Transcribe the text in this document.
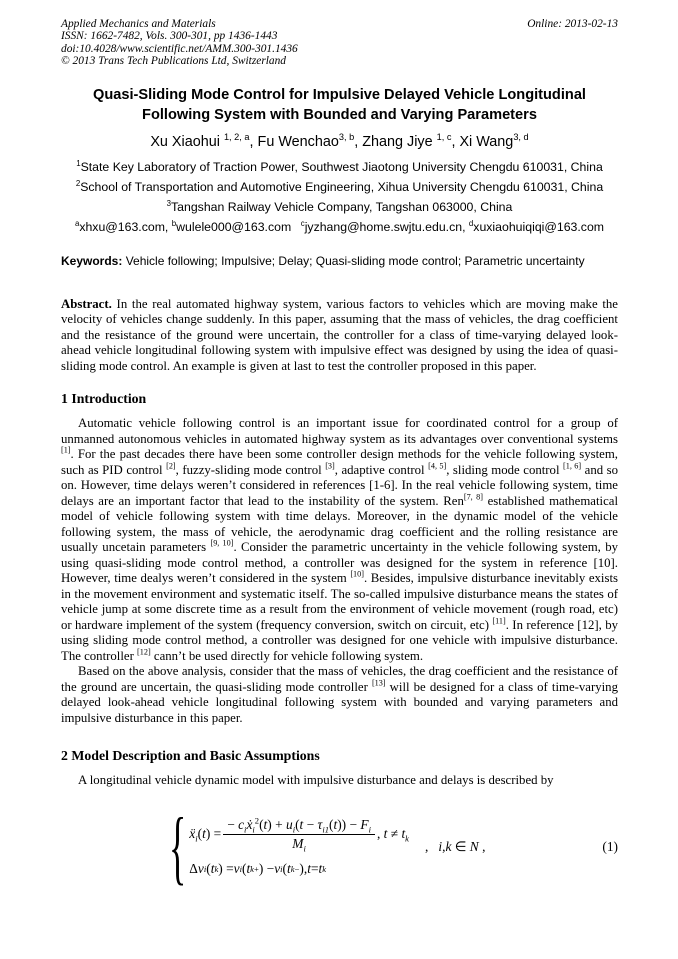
Applied Mechanics and Materials
ISSN: 1662-7482, Vols. 300-301, pp 1436-1443
doi:10.4028/www.scientific.net/AMM.300-301.1436
© 2013 Trans Tech Publications Ltd, Switzerland
Online: 2013-02-13
Quasi-Sliding Mode Control for Impulsive Delayed Vehicle Longitudinal Following System with Bounded and Varying Parameters
Xu Xiaohui $^{1, 2, a}$, Fu Wenchao$^{3, b}$, Zhang Jiye $^{1, c}$, Xi Wang$^{3, d}$
$^1$State Key Laboratory of Traction Power, Southwest Jiaotong University Chengdu 610031, China
$^2$School of Transportation and Automotive Engineering, Xihua University Chengdu 610031, China
$^3$Tangshan Railway Vehicle Company, Tangshan 063000, China
$^a$xhxu@163.com, $^b$wulele000@163.com  $^c$jyzhang@home.swjtu.edu.cn, $^d$xuxiaohuiqiqi@163.com
Keywords: Vehicle following; Impulsive; Delay; Quasi-sliding mode control; Parametric uncertainty

Abstract. In the real automated highway system, various factors to vehicles which are moving make the velocity of vehicles change suddenly. In this paper, assuming that the mass of vehicles, the drag coefficient and the resistance of the ground were uncertain, the controller for a class of time-varying delayed look-ahead vehicle longitudinal following system with impulsive effect was designed by using the idea of quasi-sliding mode control. An example is given at last to test the controller proposed in this paper.

1 Introduction

Automatic vehicle following control is an important issue for coordinated control for a group of unmanned autonomous vehicles in automated highway system as its advantages over conventional systems [1]. For the past decades there have been some controller design methods for the vehicle following system, such as PID control [2], fuzzy-sliding mode control [3], adaptive control [4, 5], sliding mode control [1, 6] and so on. However, time delays weren’t considered in references [1-6]. In the real vehicle following system, time delays are an important factor that lead to the instability of the system. Ren[7, 8] established mathematical model of vehicle following system with time delays. Moreover, in the dynamic model of the vehicle following system, the mass of vehicle, the aerodynamic drag coefficient and the rolling resistance are usually uncetain parameters [9, 10]. Consider the parametric uncertainty in the vehicle following system, by using quasi-sliding mode control method, a controller was designed for the system in reference [10]. However, time dealys weren’t considered in the system [10]. Besides, impulsive disturbance inevitably exists in the movement environment and systematic itself. The so-called impulsive disturbance means the states of vehicle jump at some discrete time as a result from the environment of vehicle movement (rough road, etc) or hardware implement of the system (frequency conversion, switch on circuit, etc) [11]. In reference [12], by using sliding mode control method, a controller was designed for one vehicle with impulsive disturbance. The controller [12] cann’t be used directly for vehicle following system.

Based on the above analysis, consider that the mass of vehicles, the drag coefficient and the resistance of the ground are uncertain, the quasi-sliding mode controller [13] will be designed for a class of time-varying delayed look-ahead vehicle longitudinal following system with bounded and varying parameters and impulsive disturbance in this paper.

2 Model Description and Basic Assumptions

A longitudinal vehicle dynamic model with impulsive disturbance and delays is described by

{ ẍ$_i$(t) = $\frac{- c_iẋ_i^2(t) + u_i(t - \tau_{i1}(t)) - F_i}{M_i}$ , $t \ne t_k$
Δ v i ( t k ) = v i ( t k + ) − v i ( t k − ), t = t k
,  i,k ∈ N ,	(1)
